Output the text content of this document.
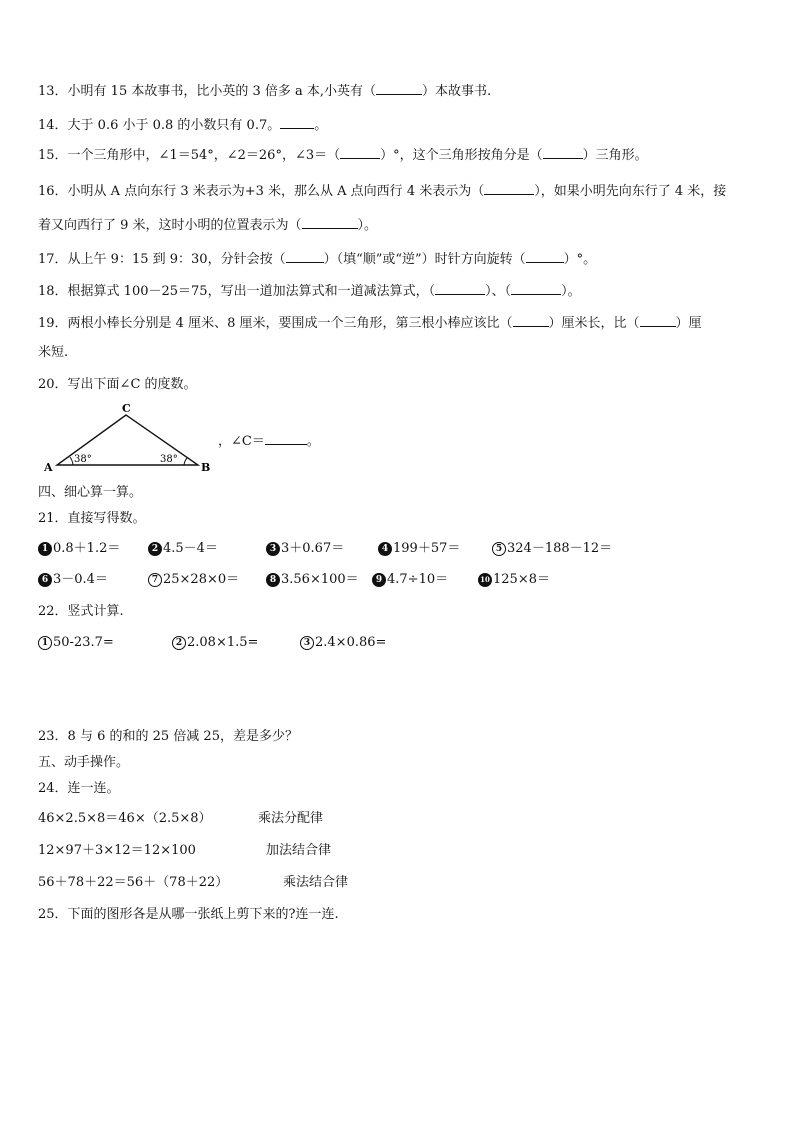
13．小明有 15 本故事书，比小英的 3 倍多 a 本,小英有（	）本故事书.
14．大于 0.6 小于 0.8 的小数只有 0.7。	。
15．一个三角形中，∠1＝54°，∠2＝26°，∠3＝（	）°，这个三角形按角分是（	）三角形。
16．小明从 A 点向东行 3 米表示为+3 米，那么从 A 点向西行 4 米表示为（	），如果小明先向东行了 4 米，接
着又向西行了 9 米，这时小明的位置表示为（	）。
17．从上午 9：15 到 9：30，分针会按（	）（填“顺”或“逆”）时针方向旋转（	）°。
18．根据算式 100－25＝75，写出一道加法算式和一道减法算式，（	）、（	）。
19．两根小棒长分别是 4 厘米、8 厘米，要围成一个三角形，第三根小棒应该比（	）厘米长，比（	）厘
米短.
20．写出下面∠C 的度数。
C
A	B
38°	38°
，∠C＝	。
四、细心算一算。
21．直接写得数。
1 0.8＋1.2＝	2 4.5－4＝	3 3＋0.67＝	4 199＋57＝	5 324－188－12＝
6 3－0.4＝	7 25×28×0＝	8 3.56×100＝	9 4.7÷10＝	10 125×8＝
22．竖式计算.
1 50-23.7=	2 2.08×1.5=	3 2.4×0.86=
23．8 与 6 的和的 25 倍减 25，差是多少？
五、动手操作。
24．连一连。
46×2.5×8＝46×（2.5×8）	乘法分配律
12×97＋3×12＝12×100	加法结合律
56＋78＋22＝56＋（78＋22）	乘法结合律
25．下面的图形各是从哪一张纸上剪下来的?连一连.
